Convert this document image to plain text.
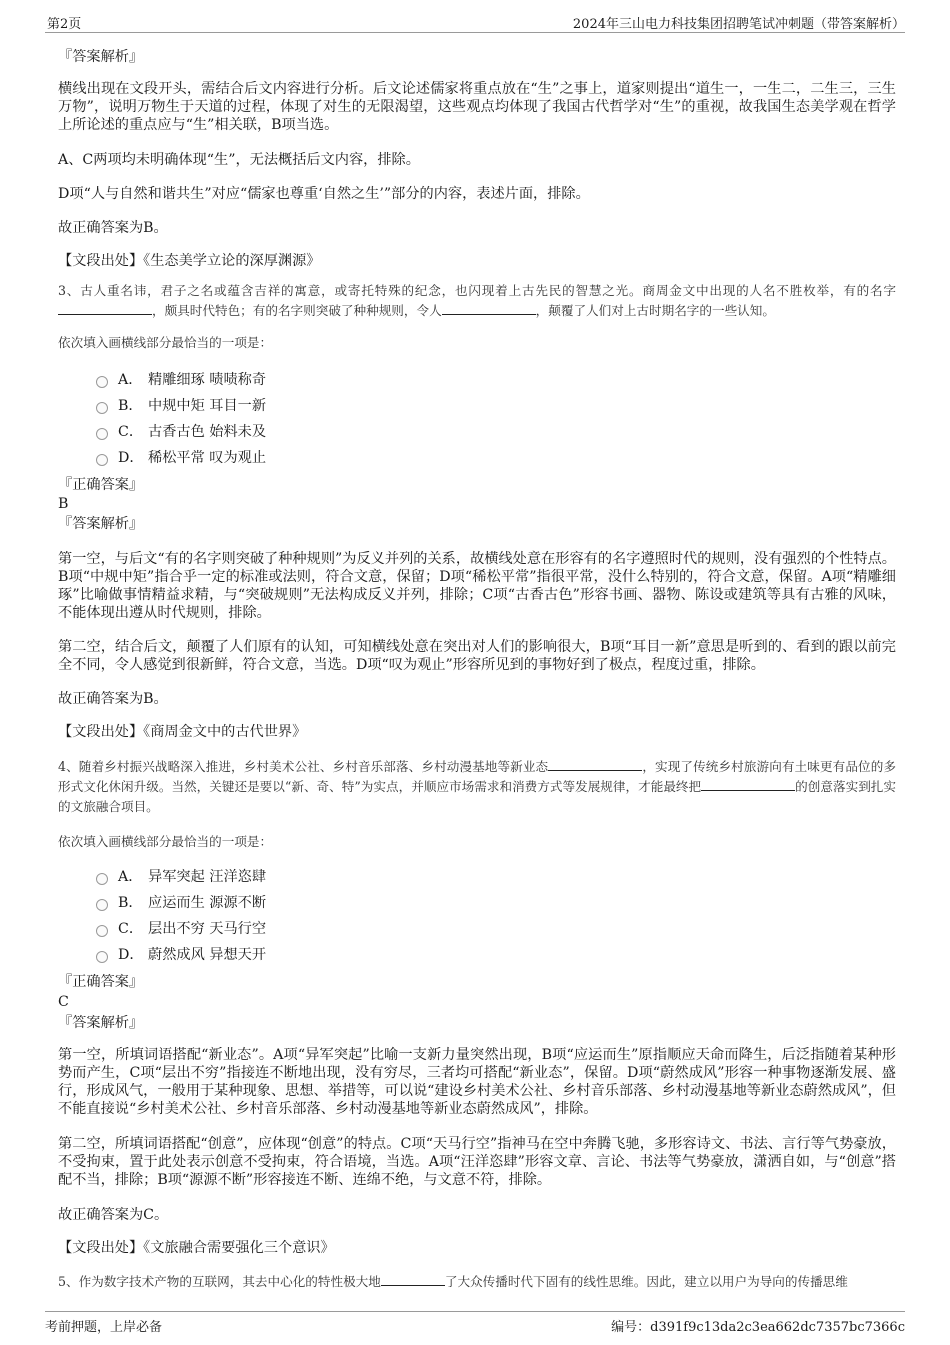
第2页	2024年三山电力科技集团招聘笔试冲刺题（带答案解析）
『答案解析』
横线出现在文段开头，需结合后文内容进行分析。后文论述儒家将重点放在“生”之事上，道家则提出“道生一，一生二，二生三，三生万物”，说明万物生于天道的过程，体现了对生的无限渴望，这些观点均体现了我国古代哲学对“生”的重视，故我国生态美学观在哲学上所论述的重点应与“生”相关联，B项当选。
A、C两项均未明确体现“生”，无法概括后文内容，排除。
D项“人与自然和谐共生”对应“儒家也尊重‘自然之生’”部分的内容，表述片面，排除。
故正确答案为B。
【文段出处】《生态美学立论的深厚渊源》
3、古人重名讳，君子之名或蕴含吉祥的寓意，或寄托特殊的纪念，也闪现着上古先民的智慧之光。商周金文中出现的人名不胜枚举，有的名字，颇具时代特色；有的名字则突破了种种规则，令人	，颠覆了人们对上古时期名字的一些认知。
依次填入画横线部分最恰当的一项是：
A． 精雕细琢 啧啧称奇
B． 中规中矩 耳目一新
C． 古香古色 始料未及
D． 稀松平常 叹为观止
『正确答案』
B
『答案解析』
第一空，与后文“有的名字则突破了种种规则”为反义并列的关系，故横线处意在形容有的名字遵照时代的规则，没有强烈的个性特点。B项“中规中矩”指合乎一定的标准或法则，符合文意，保留；D项“稀松平常”指很平常，没什么特别的，符合文意，保留。A项“精雕细琢”比喻做事情精益求精，与“突破规则”无法构成反义并列，排除；C项“古香古色”形容书画、器物、陈设或建筑等具有古雅的风味，不能体现出遵从时代规则，排除。
第二空，结合后文，颠覆了人们原有的认知，可知横线处意在突出对人们的影响很大，B项“耳目一新”意思是听到的、看到的跟以前完全不同，令人感觉到很新鲜，符合文意，当选。D项“叹为观止”形容所见到的事物好到了极点，程度过重，排除。
故正确答案为B。
【文段出处】《商周金文中的古代世界》
4、随着乡村振兴战略深入推进，乡村美术公社、乡村音乐部落、乡村动漫基地等新业态	，实现了传统乡村旅游向有土味更有品位的多形式文化休闲升级。当然，关键还是要以“新、奇、特”为实点，并顺应市场需求和消费方式等发展规律，才能最终把	的创意落实到扎实的文旅融合项目。
依次填入画横线部分最恰当的一项是：
A． 异军突起 汪洋恣肆
B． 应运而生 源源不断
C． 层出不穷 天马行空
D． 蔚然成风 异想天开
『正确答案』
C
『答案解析』
第一空，所填词语搭配“新业态”。A项“异军突起”比喻一支新力量突然出现，B项“应运而生”原指顺应天命而降生，后泛指随着某种形势而产生，C项“层出不穷”指接连不断地出现，没有穷尽，三者均可搭配“新业态”，保留。D项“蔚然成风”形容一种事物逐渐发展、盛行，形成风气，一般用于某种现象、思想、举措等，可以说“建设乡村美术公社、乡村音乐部落、乡村动漫基地等新业态蔚然成风”，但不能直接说“乡村美术公社、乡村音乐部落、乡村动漫基地等新业态蔚然成风”，排除。
第二空，所填词语搭配“创意”，应体现“创意”的特点。C项“天马行空”指神马在空中奔腾飞驰，多形容诗文、书法、言行等气势豪放，不受拘束，置于此处表示创意不受拘束，符合语境，当选。A项“汪洋恣肆”形容文章、言论、书法等气势豪放，潇洒自如，与“创意”搭配不当，排除；B项“源源不断”形容接连不断、连绵不绝，与文意不符，排除。
故正确答案为C。
【文段出处】《文旅融合需要强化三个意识》
5、作为数字技术产物的互联网，其去中心化的特性极大地	了大众传播时代下固有的线性思维。因此，建立以用户为导向的传播思维
考前押题，上岸必备	编号：d391f9c13da2c3ea662dc7357bc7366c
